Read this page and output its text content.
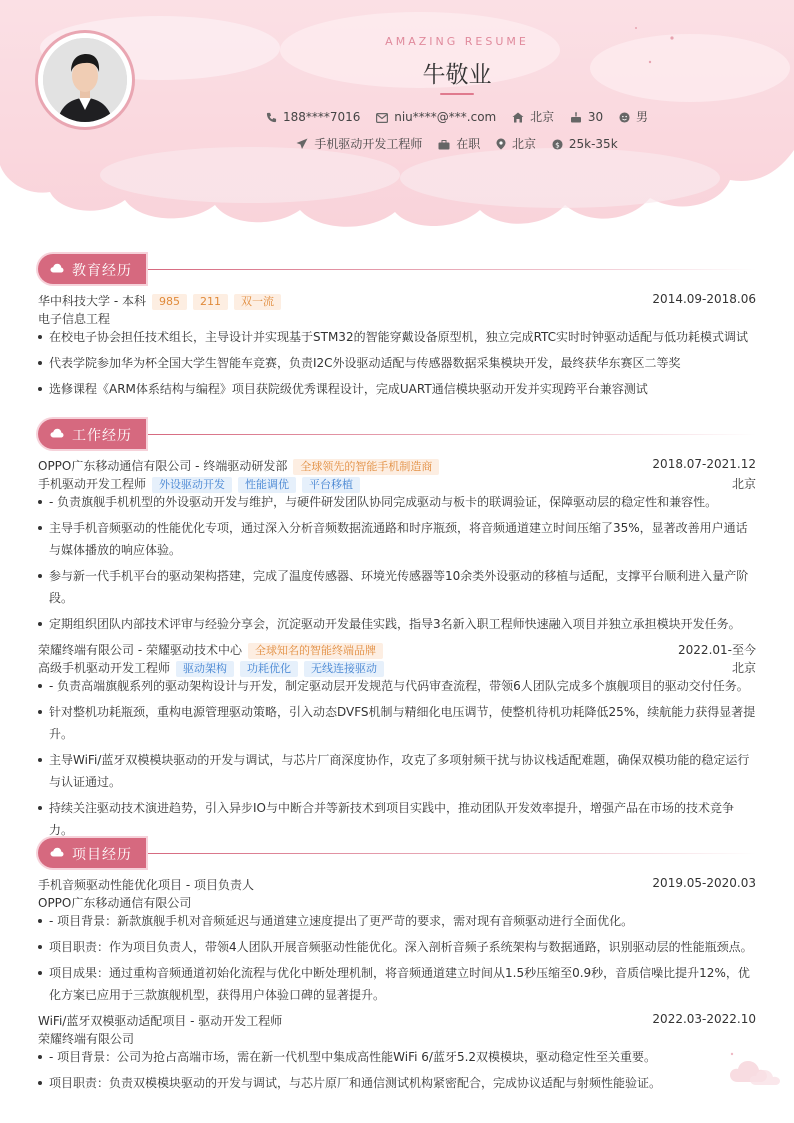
AMAZING RESUME
牛敬业
188****7016	niu****@***.com	北京	30	男
手机驱动开发工程师	在职	北京 $ 25k-35k
教育经历
华中科技大学 - 本科 985 211 双一流	2014.09-2018.06
电子信息工程
在校电子协会担任技术组长，主导设计并实现基于STM32的智能穿戴设备原型机，独立完成RTC实时时钟驱动适配与低功耗模式调试
代表学院参加华为杯全国大学生智能车竞赛，负责I2C外设驱动适配与传感器数据采集模块开发，最终获华东赛区二等奖
选修课程《ARM体系结构与编程》项目获院级优秀课程设计，完成UART通信模块驱动开发并实现跨平台兼容测试
工作经历
OPPO广东移动通信有限公司 - 终端驱动研发部 全球领先的智能手机制造商	2018.07-2021.12
手机驱动开发工程师 外设驱动开发 性能调优 平台移植	北京
- 负责旗舰手机机型的外设驱动开发与维护，与硬件研发团队协同完成驱动与板卡的联调验证，保障驱动层的稳定性和兼容性。
主导手机音频驱动的性能优化专项，通过深入分析音频数据流通路和时序瓶颈，将音频通道建立时间压缩了35%，显著改善用户通话与媒体播放的响应体验。
参与新一代手机平台的驱动架构搭建，完成了温度传感器、环境光传感器等10余类外设驱动的移植与适配，支撑平台顺利进入量产阶段。
定期组织团队内部技术评审与经验分享会，沉淀驱动开发最佳实践，指导3名新入职工程师快速融入项目并独立承担模块开发任务。
荣耀终端有限公司 - 荣耀驱动技术中心 全球知名的智能终端品牌	2022.01-至今
高级手机驱动开发工程师 驱动架构 功耗优化 无线连接驱动	北京
- 负责高端旗舰系列的驱动架构设计与开发，制定驱动层开发规范与代码审查流程，带领6人团队完成多个旗舰项目的驱动交付任务。
针对整机功耗瓶颈，重构电源管理驱动策略，引入动态DVFS机制与精细化电压调节，使整机待机功耗降低25%，续航能力获得显著提升。
主导WiFi/蓝牙双模模块驱动的开发与调试，与芯片厂商深度协作，攻克了多项射频干扰与协议栈适配难题，确保双模功能的稳定运行与认证通过。
持续关注驱动技术演进趋势，引入异步IO与中断合并等新技术到项目实践中，推动团队开发效率提升，增强产品在市场的技术竞争力。
项目经历
手机音频驱动性能优化项目 - 项目负责人	2019.05-2020.03
OPPO广东移动通信有限公司
- 项目背景：新款旗舰手机对音频延迟与通道建立速度提出了更严苛的要求，需对现有音频驱动进行全面优化。
项目职责：作为项目负责人，带领4人团队开展音频驱动性能优化。深入剖析音频子系统架构与数据通路，识别驱动层的性能瓶颈点。
项目成果：通过重构音频通道初始化流程与优化中断处理机制，将音频通道建立时间从1.5秒压缩至0.9秒，音质信噪比提升12%，优化方案已应用于三款旗舰机型，获得用户体验口碑的显著提升。
WiFi/蓝牙双模驱动适配项目 - 驱动开发工程师	2022.03-2022.10
荣耀终端有限公司
- 项目背景：公司为抢占高端市场，需在新一代机型中集成高性能WiFi 6/蓝牙5.2双模模块，驱动稳定性至关重要。
项目职责：负责双模模块驱动的开发与调试，与芯片原厂和通信测试机构紧密配合，完成协议适配与射频性能验证。
